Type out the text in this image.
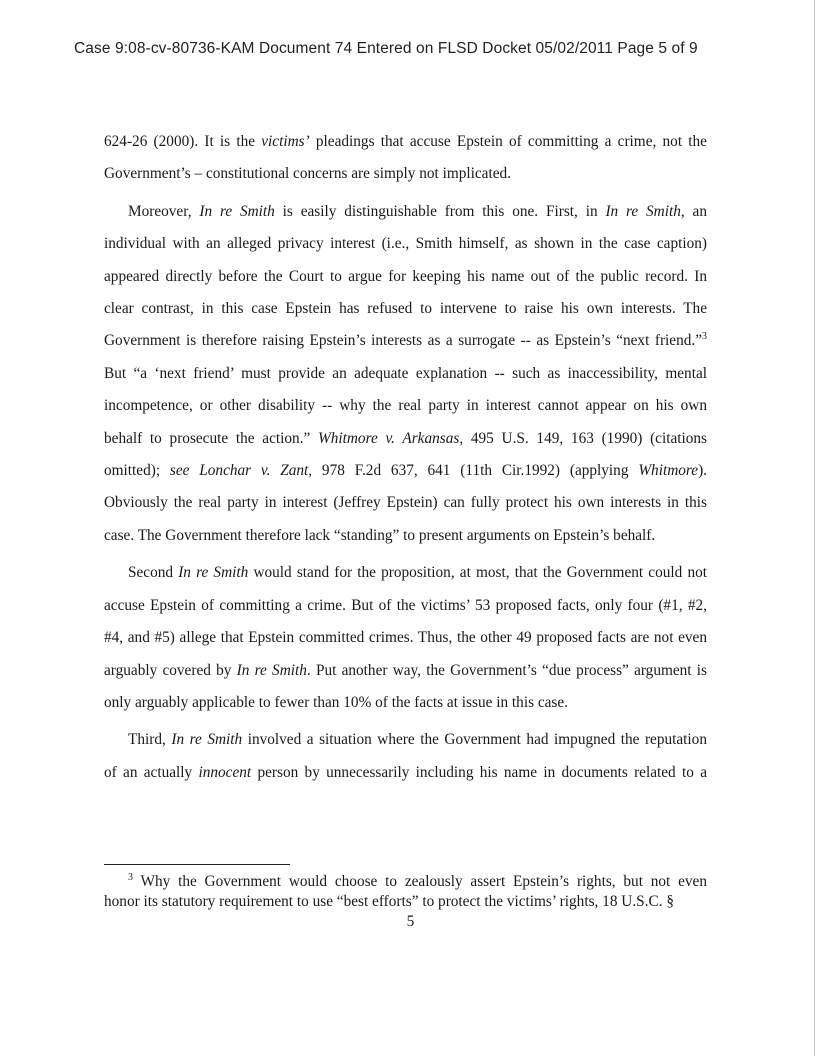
Case 9:08-cv-80736-KAM Document 74 Entered on FLSD Docket 05/02/2011 Page 5 of 9

624-26 (2000). It is the victims’ pleadings that accuse Epstein of committing a crime, not the
Government’s – constitutional concerns are simply not implicated.

Moreover, In re Smith is easily distinguishable from this one. First, in In re Smith, an
individual with an alleged privacy interest (i.e., Smith himself, as shown in the case caption)
appeared directly before the Court to argue for keeping his name out of the public record. In
clear contrast, in this case Epstein has refused to intervene to raise his own interests. The
Government is therefore raising Epstein’s interests as a surrogate -- as Epstein’s “next friend.”$^3$
But “a ‘next friend’ must provide an adequate explanation -- such as inaccessibility, mental
incompetence, or other disability -- why the real party in interest cannot appear on his own
behalf to prosecute the action.” Whitmore v. Arkansas, 495 U.S. 149, 163 (1990) (citations
omitted); see Lonchar v. Zant, 978 F.2d 637, 641 (11th Cir.1992) (applying Whitmore).
Obviously the real party in interest (Jeffrey Epstein) can fully protect his own interests in this
case. The Government therefore lack “standing” to present arguments on Epstein’s behalf.

Second In re Smith would stand for the proposition, at most, that the Government could not
accuse Epstein of committing a crime. But of the victims’ 53 proposed facts, only four (#1, #2,
#4, and #5) allege that Epstein committed crimes. Thus, the other 49 proposed facts are not even
arguably covered by In re Smith. Put another way, the Government’s “due process” argument is
only arguably applicable to fewer than 10% of the facts at issue in this case.

Third, In re Smith involved a situation where the Government had impugned the reputation
of an actually innocent person by unnecessarily including his name in documents related to a

$^3$ Why the Government would choose to zealously assert Epstein’s rights, but not even
honor its statutory requirement to use “best efforts” to protect the victims’ rights, 18 U.S.C. §
5
